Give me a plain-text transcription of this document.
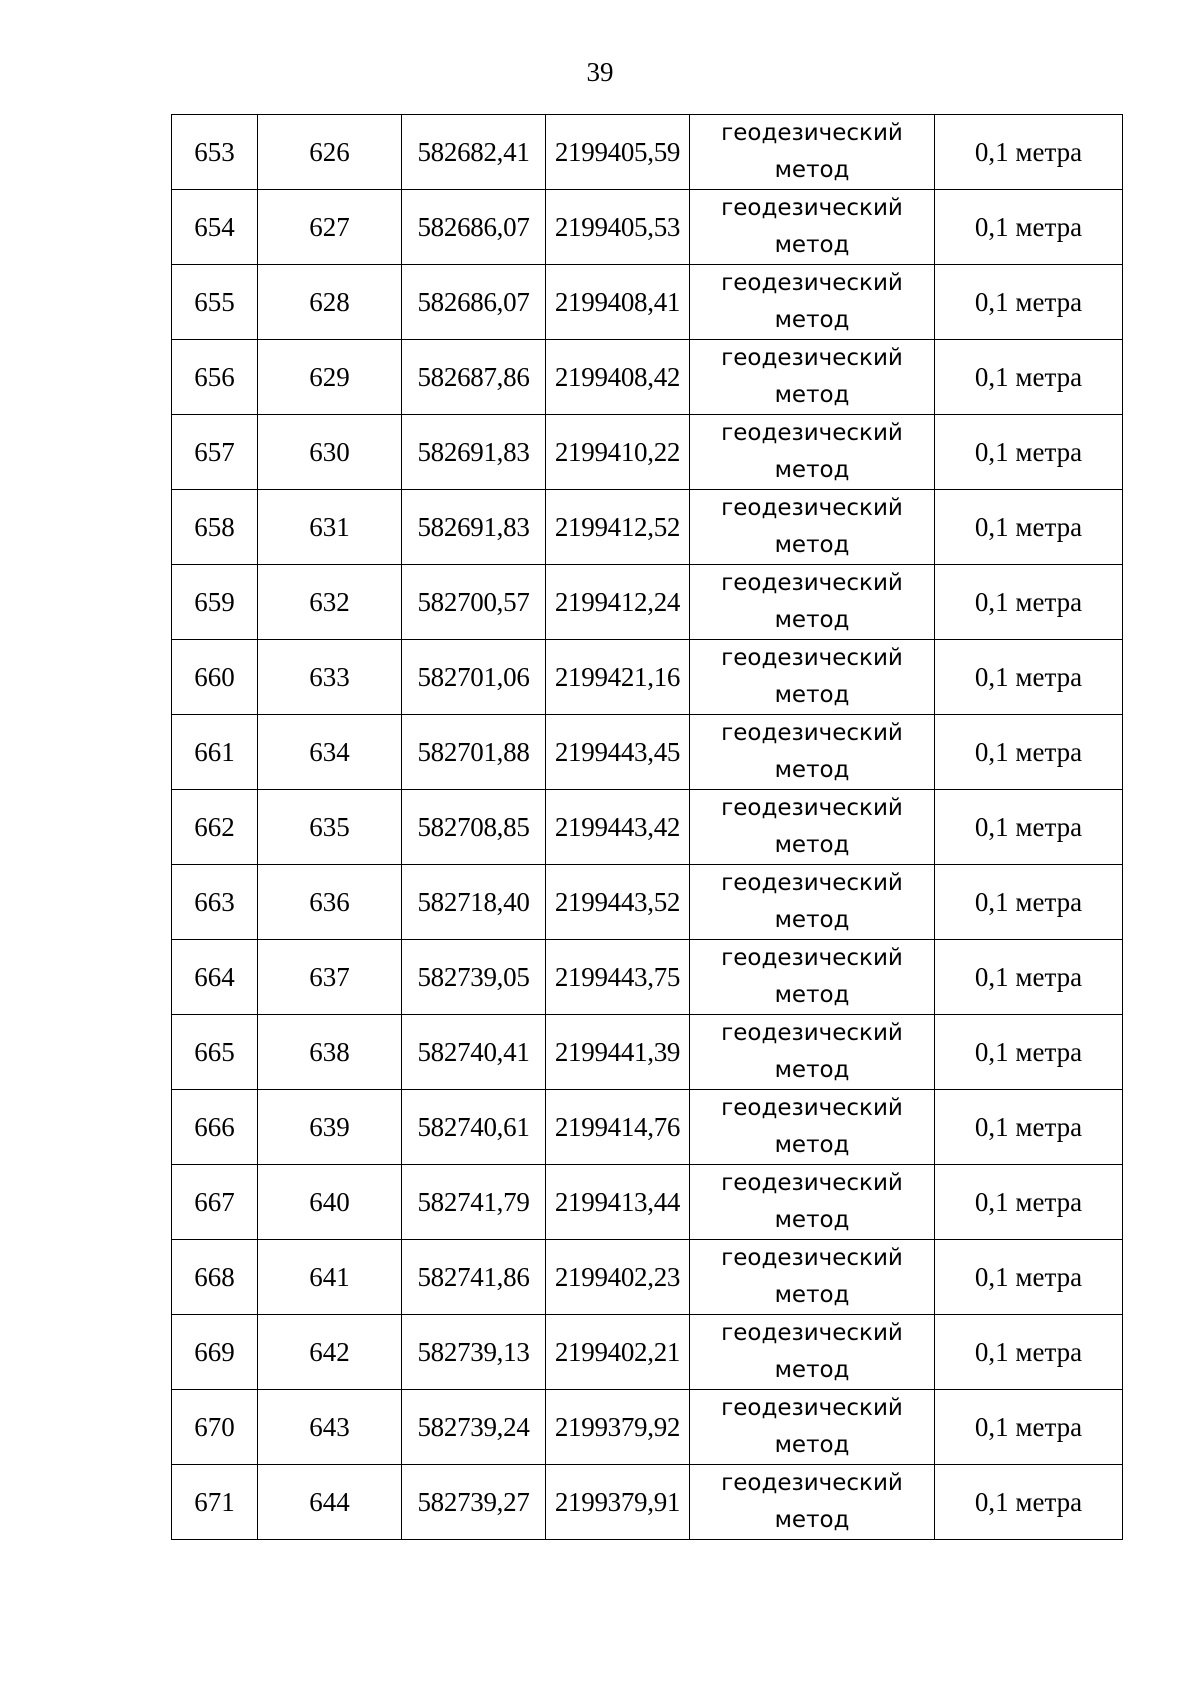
39
653	626	582682,41	2199405,59	геодезический
метод	0,1 метра
654	627	582686,07	2199405,53	геодезический
метод	0,1 метра
655	628	582686,07	2199408,41	геодезический
метод	0,1 метра
656	629	582687,86	2199408,42	геодезический
метод	0,1 метра
657	630	582691,83	2199410,22	геодезический
метод	0,1 метра
658	631	582691,83	2199412,52	геодезический
метод	0,1 метра
659	632	582700,57	2199412,24	геодезический
метод	0,1 метра
660	633	582701,06	2199421,16	геодезический
метод	0,1 метра
661	634	582701,88	2199443,45	геодезический
метод	0,1 метра
662	635	582708,85	2199443,42	геодезический
метод	0,1 метра
663	636	582718,40	2199443,52	геодезический
метод	0,1 метра
664	637	582739,05	2199443,75	геодезический
метод	0,1 метра
665	638	582740,41	2199441,39	геодезический
метод	0,1 метра
666	639	582740,61	2199414,76	геодезический
метод	0,1 метра
667	640	582741,79	2199413,44	геодезический
метод	0,1 метра
668	641	582741,86	2199402,23	геодезический
метод	0,1 метра
669	642	582739,13	2199402,21	геодезический
метод	0,1 метра
670	643	582739,24	2199379,92	геодезический
метод	0,1 метра
671	644	582739,27	2199379,91	геодезический
метод	0,1 метра
